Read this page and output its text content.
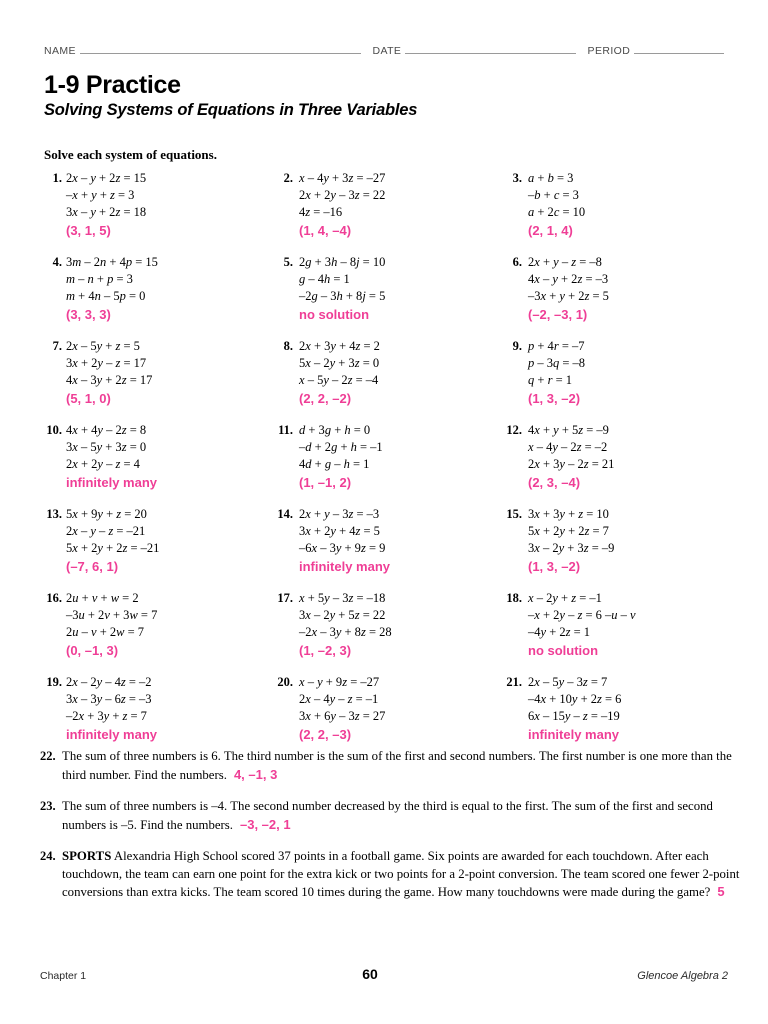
NAME	DATE	PERIOD
1-9 Practice
Solving Systems of Equations in Three Variables
Solve each system of equations.
1. 2x – y + 2z = 15
–x + y + z = 3
3x – y + 2z = 18
(3, 1, 5)
2. x – 4y + 3z = –27
2x + 2y – 3z = 22
4z = –16
(1, 4, –4)
3. a + b = 3
–b + c = 3
a + 2c = 10
(2, 1, 4)
4. 3m – 2n + 4p = 15
m – n + p = 3
m + 4n – 5p = 0
(3, 3, 3)
5. 2g + 3h – 8j = 10
g – 4h = 1
–2g – 3h + 8j = 5
no solution
6. 2x + y – z = –8
4x – y + 2z = –3
–3x + y + 2z = 5
(–2, –3, 1)
7. 2x – 5y + z = 5
3x + 2y – z = 17
4x – 3y + 2z = 17
(5, 1, 0)
8. 2x + 3y + 4z = 2
5x – 2y + 3z = 0
x – 5y – 2z = –4
(2, 2, –2)
9. p + 4r = –7
p – 3q = –8
q + r = 1
(1, 3, –2)
10. 4x + 4y – 2z = 8
3x – 5y + 3z = 0
2x + 2y – z = 4
infinitely many
11. d + 3g + h = 0
–d + 2g + h = –1
4d + g – h = 1
(1, –1, 2)
12. 4x + y + 5z = –9
x – 4y – 2z = –2
2x + 3y – 2z = 21
(2, 3, –4)
13. 5x + 9y + z = 20
2x – y – z = –21
5x + 2y + 2z = –21
(–7, 6, 1)
14. 2x + y – 3z = –3
3x + 2y + 4z = 5
–6x – 3y + 9z = 9
infinitely many
15. 3x + 3y + z = 10
5x + 2y + 2z = 7
3x – 2y + 3z = –9
(1, 3, –2)
16. 2u + v + w = 2
–3u + 2v + 3w = 7
2u – v + 2w = 7
(0, –1, 3)
17. x + 5y – 3z = –18
3x – 2y + 5z = 22
–2x – 3y + 8z = 28
(1, –2, 3)
18. x – 2y + z = –1
–x + 2y – z = 6 –u – v
–4y + 2z = 1
no solution
19. 2x – 2y – 4z = –2
3x – 3y – 6z = –3
–2x + 3y + z = 7
infinitely many
20. x – y + 9z = –27
2x – 4y – z = –1
3x + 6y – 3z = 27
(2, 2, –3)
21. 2x – 5y – 3z = 7
–4x + 10y + 2z = 6
6x – 15y – z = –19
infinitely many
22. The sum of three numbers is 6. The third number is the sum of the first and second numbers. The first number is one more than the third number. Find the numbers. 4, –1, 3
23. The sum of three numbers is –4. The second number decreased by the third is equal to the first. The sum of the first and second numbers is –5. Find the numbers. –3, –2, 1
24. SPORTS Alexandria High School scored 37 points in a football game. Six points are awarded for each touchdown. After each touchdown, the team can earn one point for the extra kick or two points for a 2-point conversion. The team scored one fewer 2-point conversions than extra kicks. The team scored 10 times during the game. How many touchdowns were made during the game? 5
Chapter 1	60	Glencoe Algebra 2
